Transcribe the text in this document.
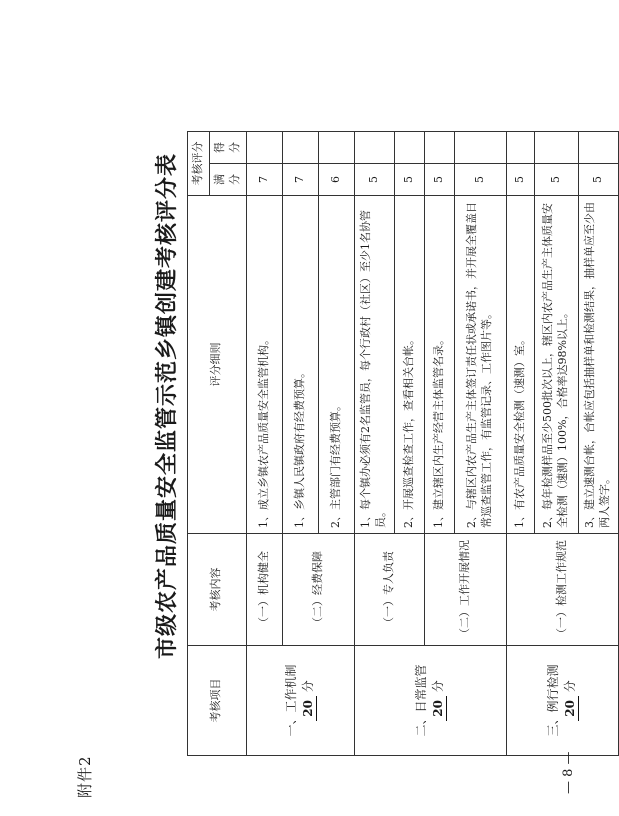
附件2
市级农产品质量安全监管示范乡镇创建考核评分表
考核项目	考核内容	评分细则	考核评分	
			满分	得分
一、工作机制 20 分	（一）机构健全	1、成立乡镇农产品质量安全监管机构。	7	
	（二）经费保障	1、乡镇人民镇政府有经费预算。	7	
		2、主管部门有经费预算。	6	
二、日常监管 20 分	（一）专人负责	1、每个镇办必须有2名监管员，每个行政村（社区）至少1名协管员。	5	
		2、开展巡查检查工作，查看相关台帐。	5	
	（二）工作开展情况	1、建立辖区内生产经营主体监管名录。	5	
		2、与辖区内农产品生产主体签订责任状或承诺书，并开展全覆盖日常巡查监管工作，有监管记录、工作图片等。	5	
三、例行检测 20 分	（一）检测工作规范	1、有农产品质量安全检测（速测）室。	5	
		2、每年检测样品至少500批次以上，辖区内农产品生产主体质量安全检测（速测）100%，合格率达98%以上。	5	
		3、建立速测台帐，台帐应包括抽样单和检测结果，抽样单应至少由两人签字。	5	
— 8 —
